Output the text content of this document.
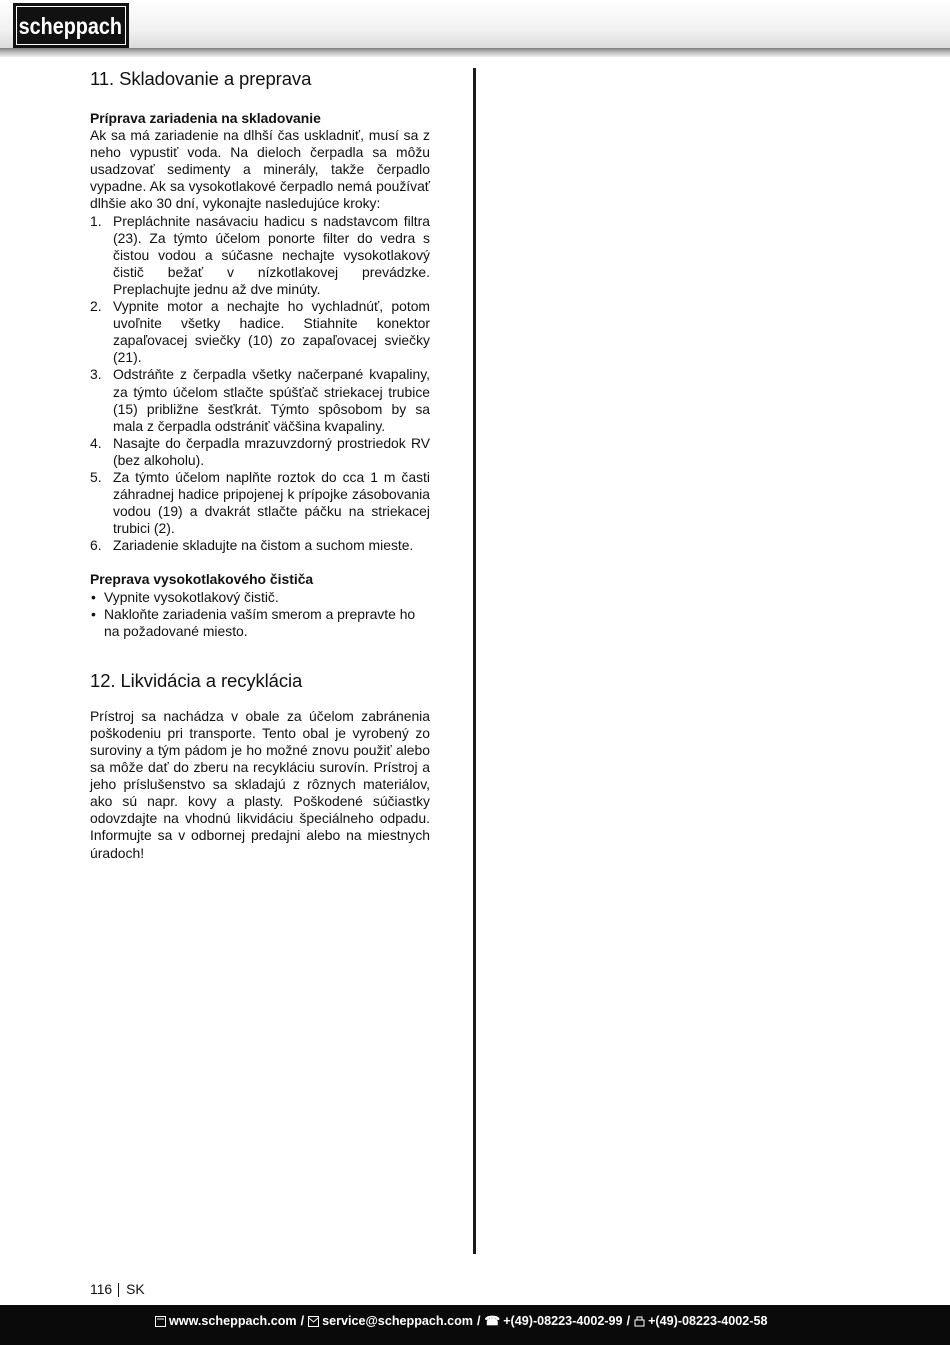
scheppach
11. Skladovanie a preprava
Príprava zariadenia na skladovanie

Ak sa má zariadenie na dlhší čas uskladniť, musí sa z neho vypustiť voda. Na dieloch čerpadla sa môžu usadzovať sedimenty a minerály, takže čerpadlo vypadne. Ak sa vysokotlakové čerpadlo nemá používať dlhšie ako 30 dní, vykonajte nasledujúce kroky:

1. Prepláchnite nasávaciu hadicu s nadstavcom filtra (23). Za týmto účelom ponorte filter do vedra s čistou vodou a súčasne nechajte vysokotlakový čistič bežať v nízkotlakovej prevádzke. Preplachujte jednu až dve minúty.
2. Vypnite motor a nechajte ho vychladnúť, potom uvoľnite všetky hadice. Stiahnite konektor zapaľovacej sviečky (10) zo zapaľovacej sviečky (21).
3. Odstráňte z čerpadla všetky načerpané kvapaliny, za týmto účelom stlačte spúšťač striekacej trubice (15) približne šesťkrát. Týmto spôsobom by sa mala z čerpadla odstrániť väčšina kvapaliny.
4. Nasajte do čerpadla mrazuvzdorný prostriedok RV (bez alkoholu).
5. Za týmto účelom naplňte roztok do cca 1 m časti záhradnej hadice pripojenej k prípojke zásobovania vodou (19) a dvakrát stlačte páčku na striekacej trubici (2).
6. Zariadenie skladujte na čistom a suchom mieste.
Preprava vysokotlakového čističa
• Vypnite vysokotlakový čistič.
• Nakloňte zariadenia vaším smerom a prepravte ho na požadované miesto.
12. Likvidácia a recyklácia

Prístroj sa nachádza v obale za účelom zabránenia poškodeniu pri transporte. Tento obal je vyrobený zo suroviny a tým pádom je ho možné znovu použiť alebo sa môže dať do zberu na recykláciu surovín. Prístroj a jeho príslušenstvo sa skladajú z rôznych materiálov, ako sú napr. kovy a plasty. Poškodené súčiastky odovzdajte na vhodnú likvidáciu špeciálneho odpadu. Informujte sa v odbornej predajni alebo na miestnych úradoch!

116 SK
www.scheppach.com / service@scheppach.com / ☎ +(49)-08223-4002-99 / +(49)-08223-4002-58
